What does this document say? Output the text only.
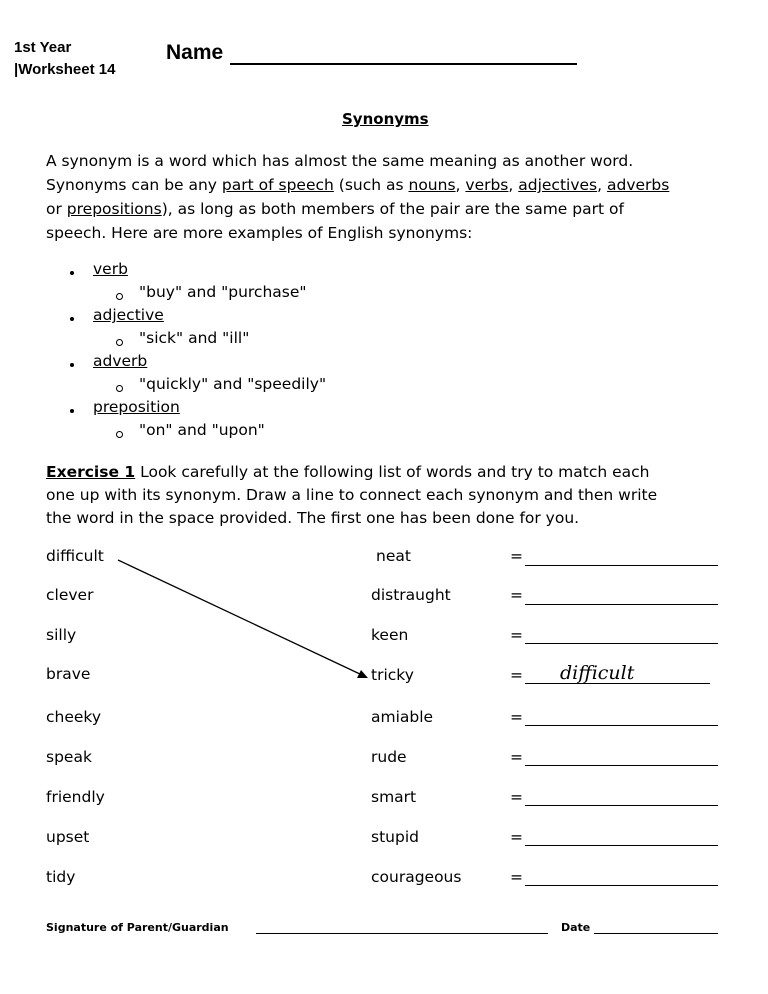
1st Year
|Worksheet 14
Name
Synonyms
A synonym is a word which has almost the same meaning as another word.
Synonyms can be any part of speech (such as nouns, verbs, adjectives, adverbs
or prepositions), as long as both members of the pair are the same part of
speech. Here are more examples of English synonyms:
verb
"buy" and "purchase"
adjective
"sick" and "ill"
adverb
"quickly" and "speedily"
preposition
"on" and "upon"
Exercise 1 Look carefully at the following list of words and try to match each
one up with its synonym. Draw a line to connect each synonym and then write
the word in the space provided. The first one has been done for you.
difficult	neat	=
clever	distraught	=
silly	keen	=
brave	tricky	= difficult
cheeky	amiable	=
speak	rude	=
friendly	smart	=
upset	stupid	=
tidy	courageous	=
Signature of Parent/Guardian	Date
